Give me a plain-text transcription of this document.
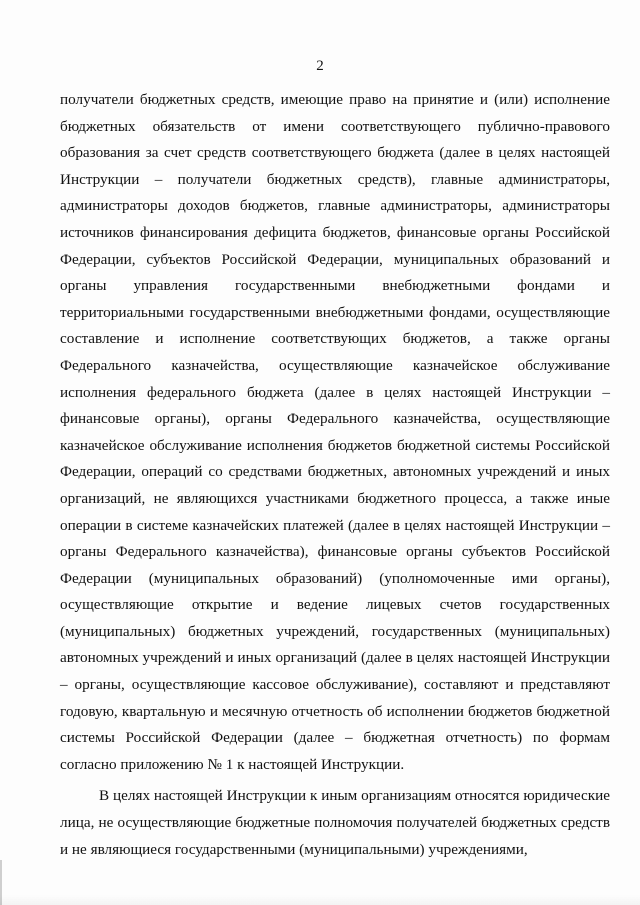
2

получатели бюджетных средств, имеющие право на принятие и (или) исполнение бюджетных обязательств от имени соответствующего публично-правового образования за счет средств соответствующего бюджета (далее в целях настоящей Инструкции – получатели бюджетных средств), главные администраторы, администраторы доходов бюджетов, главные администраторы, администраторы источников финансирования дефицита бюджетов, финансовые органы Российской Федерации, субъектов Российской Федерации, муниципальных образований и органы управления государственными внебюджетными фондами и территориальными государственными внебюджетными фондами, осуществляющие составление и исполнение соответствующих бюджетов, а также органы Федерального казначейства, осуществляющие казначейское обслуживание исполнения федерального бюджета (далее в целях настоящей Инструкции – финансовые органы), органы Федерального казначейства, осуществляющие казначейское обслуживание исполнения бюджетов бюджетной системы Российской Федерации, операций со средствами бюджетных, автономных учреждений и иных организаций, не являющихся участниками бюджетного процесса, а также иные операции в системе казначейских платежей (далее в целях настоящей Инструкции – органы Федерального казначейства), финансовые органы субъектов Российской Федерации (муниципальных образований) (уполномоченные ими органы), осуществляющие открытие и ведение лицевых счетов государственных (муниципальных) бюджетных учреждений, государственных (муниципальных) автономных учреждений и иных организаций (далее в целях настоящей Инструкции – органы, осуществляющие кассовое обслуживание), составляют и представляют годовую, квартальную и месячную отчетность об исполнении бюджетов бюджетной системы Российской Федерации (далее – бюджетная отчетность) по формам согласно приложению № 1 к настоящей Инструкции.

В целях настоящей Инструкции к иным организациям относятся юридические лица, не осуществляющие бюджетные полномочия получателей бюджетных средств и не являющиеся государственными (муниципальными) учреждениями,
